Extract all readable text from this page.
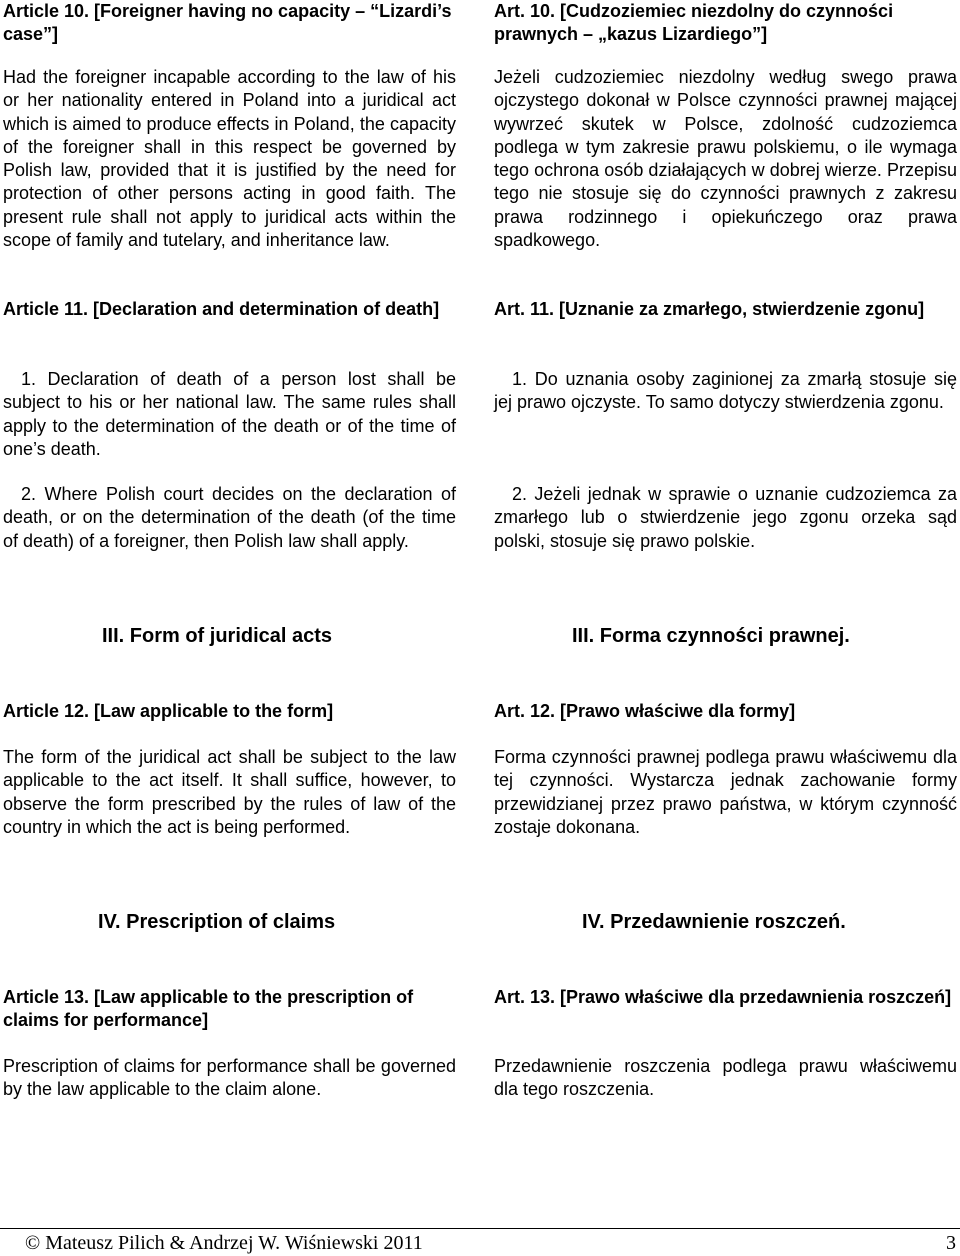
Article 10. [Foreigner having no capacity – “Lizardi’s case”]

Had the foreigner incapable according to the law of his or her nationality entered in Poland into a juridical act which is aimed to produce effects in Poland, the capacity of the foreigner shall in this respect be governed by Polish law, provided that it is justified by the need for protection of other persons acting in good faith. The present rule shall not apply to juridical acts within the scope of family and tutelary, and inheritance law.

Article 11. [Declaration and determination of death]

1. Declaration of death of a person lost shall be subject to his or her national law. The same rules shall apply to the determination of the death or of the time of one’s death.

2. Where Polish court decides on the declaration of death, or on the determination of the death (of the time of death) of a foreigner, then Polish law shall apply.

III. Form of juridical acts

Article 12. [Law applicable to the form]

The form of the juridical act shall be subject to the law applicable to the act itself. It shall suffice, however, to observe the form prescribed by the rules of law of the country in which the act is being performed.

IV. Prescription of claims

Article 13. [Law applicable to the prescription of claims for performance]

Prescription of claims for performance shall be governed by the law applicable to the claim alone.

Art. 10. [Cudzoziemiec niezdolny do czynności prawnych – „kazus Lizardiego”]

Jeżeli cudzoziemiec niezdolny według swego prawa ojczystego dokonał w Polsce czynności prawnej mającej wywrzeć skutek w Polsce, zdolność cudzoziemca podlega w tym zakresie prawu polskiemu, o ile wymaga tego ochrona osób działających w dobrej wierze. Przepisu tego nie stosuje się do czynności prawnych z zakresu prawa rodzinnego i opiekuńczego oraz prawa spadkowego.

Art. 11. [Uznanie za zmarłego, stwierdzenie zgonu]

1. Do uznania osoby zaginionej za zmarłą stosuje się jej prawo ojczyste. To samo dotyczy stwierdzenia zgonu.

2. Jeżeli jednak w sprawie o uznanie cudzoziemca za zmarłego lub o stwierdzenie jego zgonu orzeka sąd polski, stosuje się prawo polskie.

III. Forma czynności prawnej.

Art. 12. [Prawo właściwe dla formy]

Forma czynności prawnej podlega prawu właściwemu dla tej czynności. Wystarcza jednak zachowanie formy przewidzianej przez prawo państwa, w którym czynność zostaje dokonana.

IV. Przedawnienie roszczeń.

Art. 13. [Prawo właściwe dla przedawnienia roszczeń]

Przedawnienie roszczenia podlega prawu właściwemu dla tego roszczenia.

© Mateusz Pilich & Andrzej W. Wiśniewski 2011	3
